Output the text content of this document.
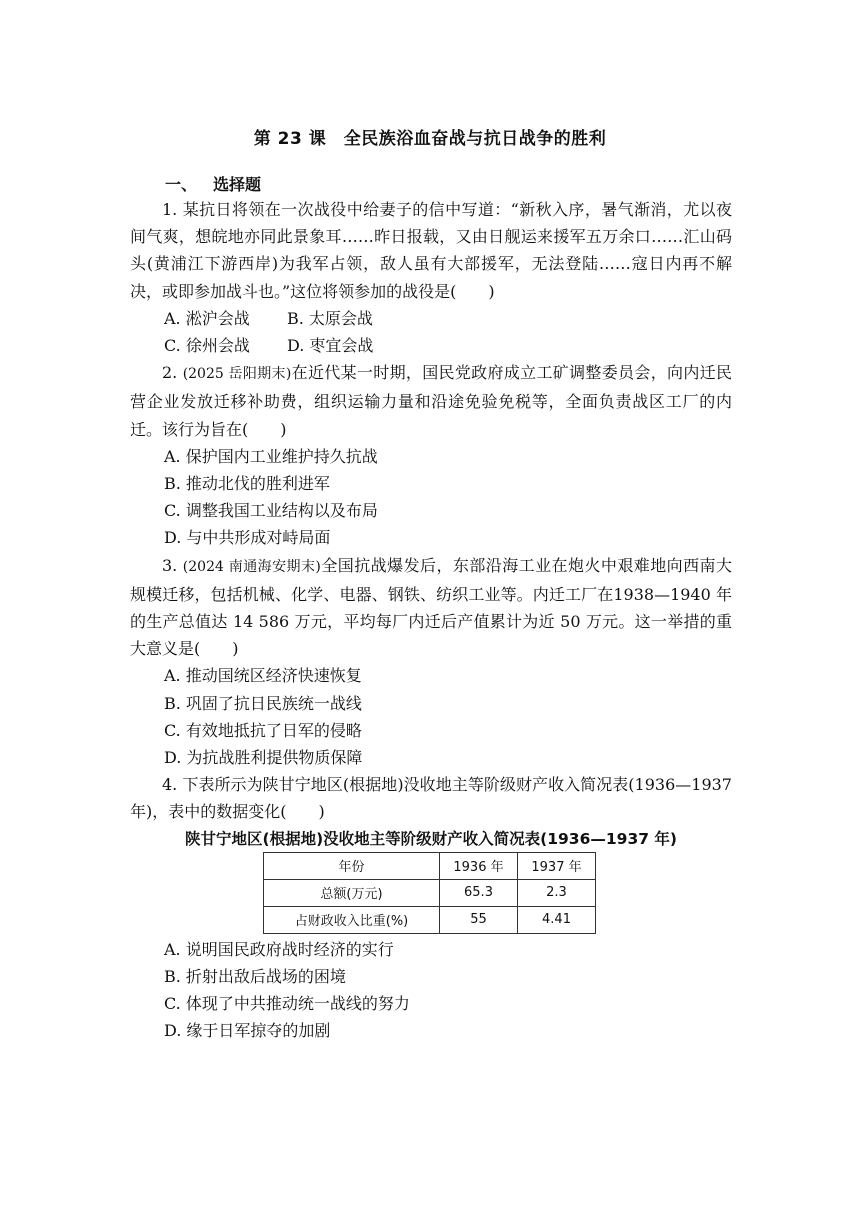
第 23 课　全民族浴血奋战与抗日战争的胜利
一、 选择题

1. 某抗日将领在一次战役中给妻子的信中写道：“新秋入序，暑气渐消，尤以夜间气爽，想皖地亦同此景象耳……昨日报载，又由日舰运来援军五万余口……汇山码头(黄浦江下游西岸)为我军占领，敌人虽有大部援军，无法登陆……寇日内再不解决，或即参加战斗也。”这位将领参加的战役是(　　)

A. 淞沪会战	B. 太原会战
C. 徐州会战	D. 枣宜会战

2. (2025 岳阳期末)在近代某一时期，国民党政府成立工矿调整委员会，向内迁民营企业发放迁移补助费，组织运输力量和沿途免验免税等，全面负责战区工厂的内迁。该行为旨在(　　)

A. 保护国内工业维护持久抗战

B. 推动北伐的胜利进军

C. 调整我国工业结构以及布局

D. 与中共形成对峙局面

3. (2024 南通海安期末)全国抗战爆发后，东部沿海工业在炮火中艰难地向西南大规模迁移，包括机械、化学、电器、钢铁、纺织工业等。内迁工厂在1938—1940 年的生产总值达 14 586 万元，平均每厂内迁后产值累计为近 50 万元。这一举措的重大意义是(　　)

A. 推动国统区经济快速恢复

B. 巩固了抗日民族统一战线

C. 有效地抵抗了日军的侵略

D. 为抗战胜利提供物质保障

4. 下表所示为陕甘宁地区(根据地)没收地主等阶级财产收入简况表(1936—1937 年)，表中的数据变化(　　)

陕甘宁地区(根据地)没收地主等阶级财产收入简况表(1936—1937 年)
年份	1936 年	1937 年
总额(万元)	65.3	2.3
占财政收入比重(%)	55	4.41

A. 说明国民政府战时经济的实行

B. 折射出敌后战场的困境

C. 体现了中共推动统一战线的努力

D. 缘于日军掠夺的加剧
